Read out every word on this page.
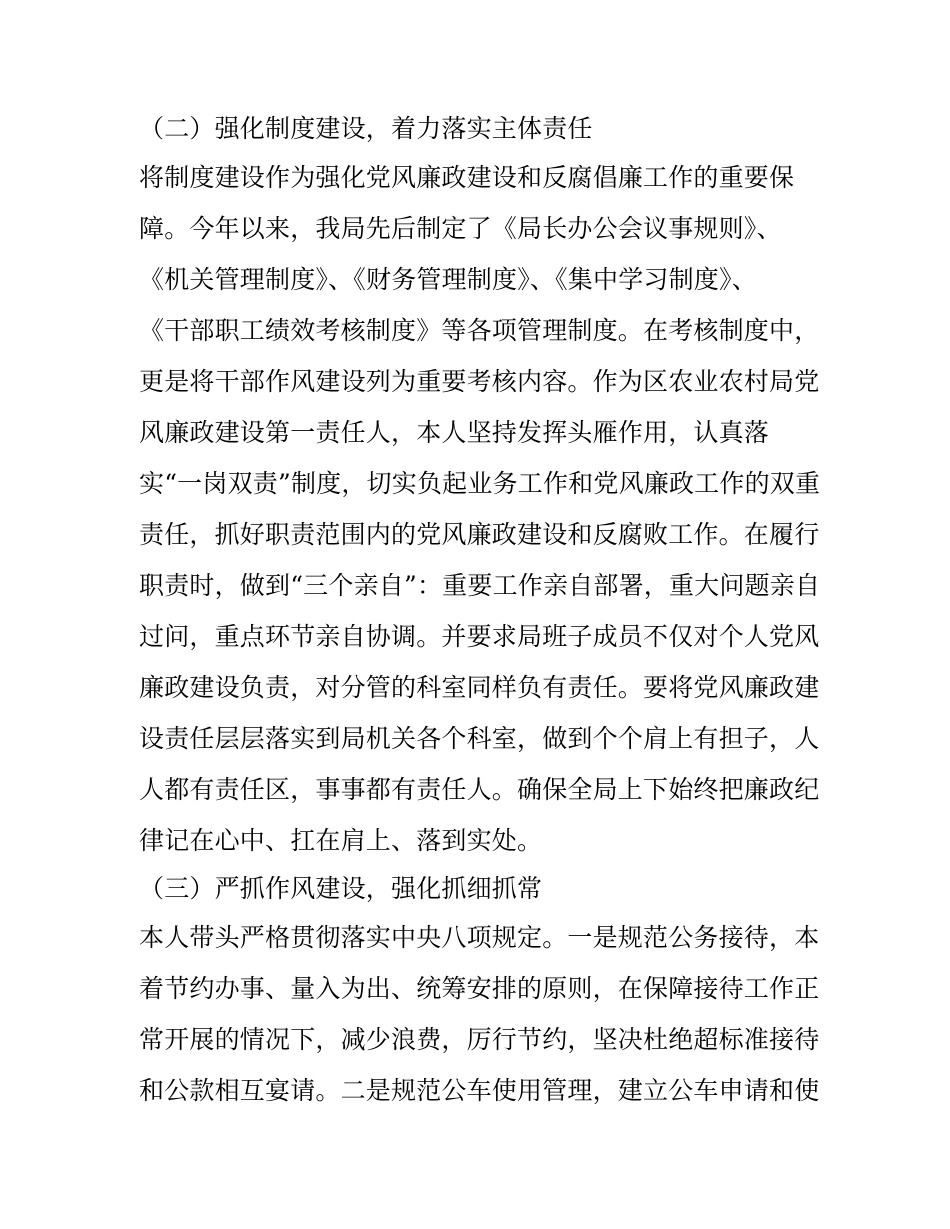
（二）强化制度建设，着力落实主体责任
将制度建设作为强化党风廉政建设和反腐倡廉工作的重要保
障。今年以来，我局先后制定了《局长办公会议事规则》、
《机关管理制度》、《财务管理制度》、《集中学习制度》、
《干部职工绩效考核制度》等各项管理制度。在考核制度中，
更是将干部作风建设列为重要考核内容。作为区农业农村局党
风廉政建设第一责任人，本人坚持发挥头雁作用，认真落
实“一岗双责”制度，切实负起业务工作和党风廉政工作的双重
责任，抓好职责范围内的党风廉政建设和反腐败工作。在履行
职责时，做到“三个亲自”：重要工作亲自部署，重大问题亲自
过问，重点环节亲自协调。并要求局班子成员不仅对个人党风
廉政建设负责，对分管的科室同样负有责任。要将党风廉政建
设责任层层落实到局机关各个科室，做到个个肩上有担子，人
人都有责任区，事事都有责任人。确保全局上下始终把廉政纪
律记在心中、扛在肩上、落到实处。
（三）严抓作风建设，强化抓细抓常
本人带头严格贯彻落实中央八项规定。一是规范公务接待，本
着节约办事、量入为出、统筹安排的原则，在保障接待工作正
常开展的情况下，减少浪费，厉行节约，坚决杜绝超标准接待
和公款相互宴请。二是规范公车使用管理，建立公车申请和使
